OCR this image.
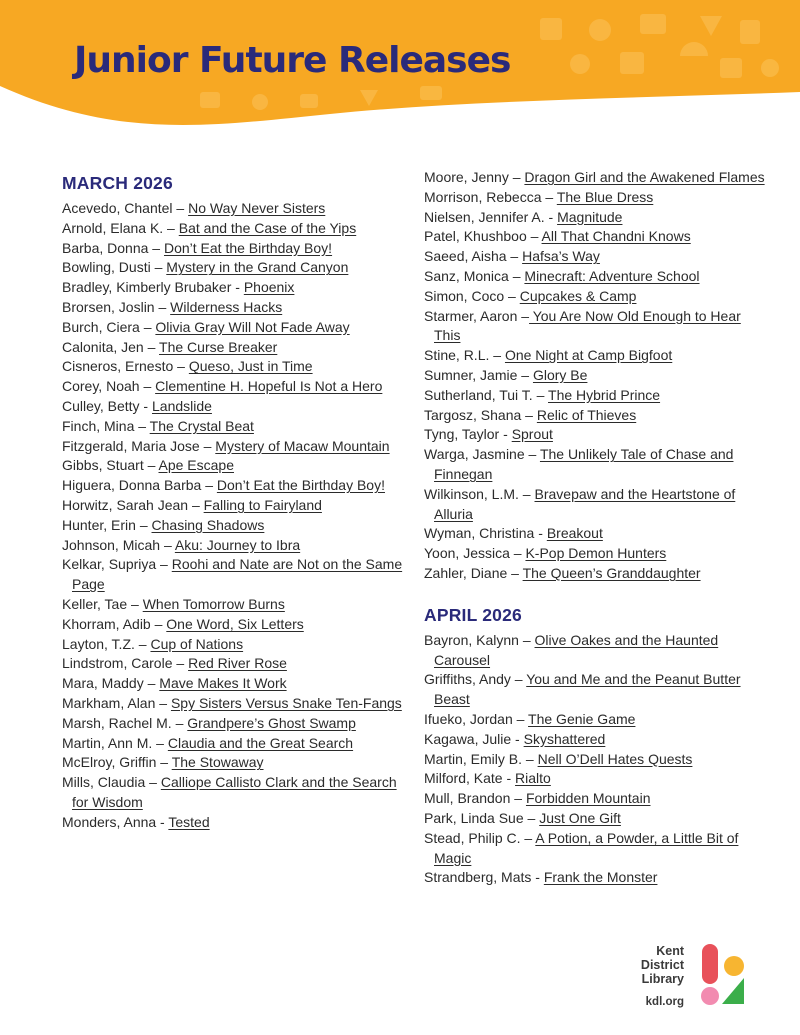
Junior Future Releases
MARCH 2026

Acevedo, Chantel – No Way Never Sisters

Arnold, Elana K. – Bat and the Case of the Yips

Barba, Donna – Don’t Eat the Birthday Boy!

Bowling, Dusti – Mystery in the Grand Canyon

Bradley, Kimberly Brubaker - Phoenix

Brorsen, Joslin – Wilderness Hacks

Burch, Ciera – Olivia Gray Will Not Fade Away

Calonita, Jen – The Curse Breaker

Cisneros, Ernesto – Queso, Just in Time

Corey, Noah – Clementine H. Hopeful Is Not a Hero

Culley, Betty - Landslide

Finch, Mina – The Crystal Beat

Fitzgerald, Maria Jose – Mystery of Macaw Mountain

Gibbs, Stuart – Ape Escape

Higuera, Donna Barba – Don’t Eat the Birthday Boy!

Horwitz, Sarah Jean – Falling to Fairyland

Hunter, Erin – Chasing Shadows

Johnson, Micah – Aku: Journey to Ibra

Kelkar, Supriya – Roohi and Nate are Not on the Same Page

Keller, Tae – When Tomorrow Burns

Khorram, Adib – One Word, Six Letters

Layton, T.Z. – Cup of Nations

Lindstrom, Carole – Red River Rose

Mara, Maddy – Mave Makes It Work

Markham, Alan – Spy Sisters Versus Snake Ten-Fangs

Marsh, Rachel M. – Grandpere’s Ghost Swamp

Martin, Ann M. – Claudia and the Great Search

McElroy, Griffin – The Stowaway

Mills, Claudia – Calliope Callisto Clark and the Search for Wisdom

Monders, Anna - Tested

Moore, Jenny – Dragon Girl and the Awakened Flames

Morrison, Rebecca – The Blue Dress

Nielsen, Jennifer A. - Magnitude

Patel, Khushboo – All That Chandni Knows

Saeed, Aisha – Hafsa’s Way

Sanz, Monica – Minecraft: Adventure School

Simon, Coco – Cupcakes & Camp

Starmer, Aaron – You Are Now Old Enough to Hear This

Stine, R.L. – One Night at Camp Bigfoot

Sumner, Jamie – Glory Be

Sutherland, Tui T. – The Hybrid Prince

Targosz, Shana – Relic of Thieves

Tyng, Taylor - Sprout

Warga, Jasmine – The Unlikely Tale of Chase and Finnegan

Wilkinson, L.M. – Bravepaw and the Heartstone of Alluria

Wyman, Christina - Breakout

Yoon, Jessica – K-Pop Demon Hunters

Zahler, Diane – The Queen’s Granddaughter

APRIL 2026

Bayron, Kalynn – Olive Oakes and the Haunted Carousel

Griffiths, Andy – You and Me and the Peanut Butter Beast

Ifueko, Jordan – The Genie Game

Kagawa, Julie - Skyshattered

Martin, Emily B. – Nell O’Dell Hates Quests

Milford, Kate - Rialto

Mull, Brandon – Forbidden Mountain

Park, Linda Sue – Just One Gift

Stead, Philip C. – A Potion, a Powder, a Little Bit of Magic

Strandberg, Mats - Frank the Monster

Kent
District
Library
kdl.org
